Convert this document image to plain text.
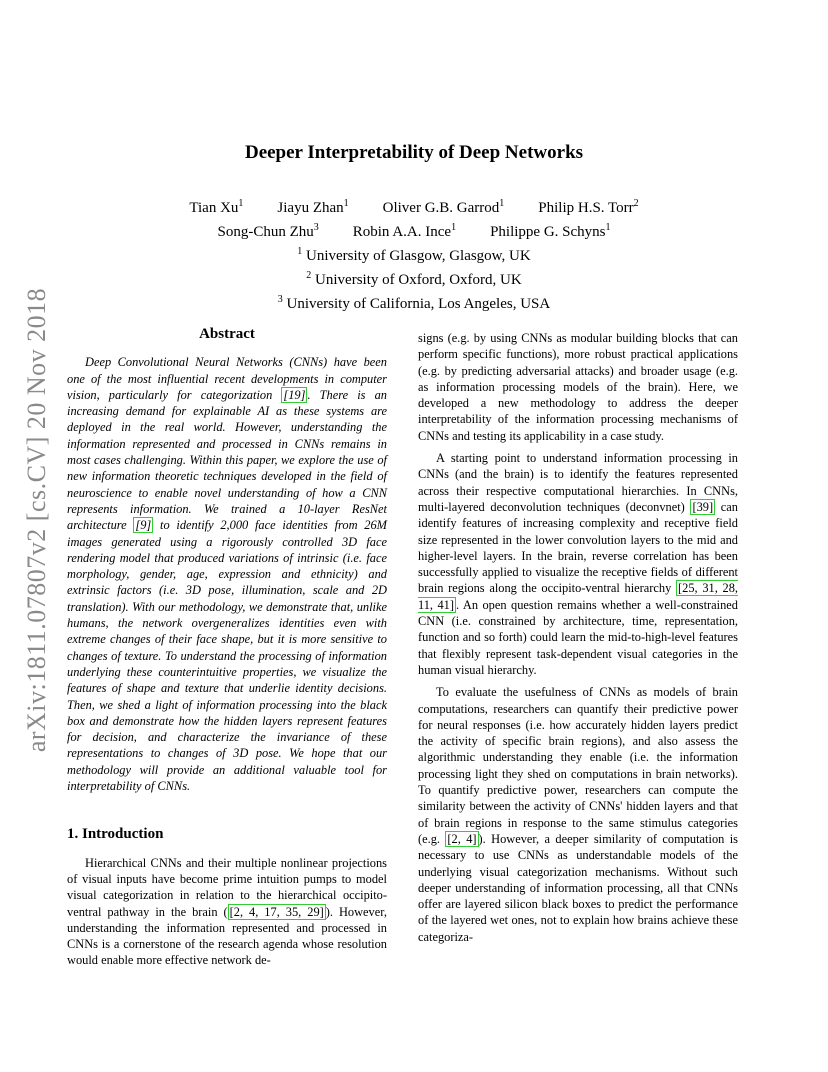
arXiv:1811.07807v2 [cs.CV] 20 Nov 2018
Deeper Interpretability of Deep Networks
Tian Xu$^1$ Jiayu Zhan$^1$ Oliver G.B. Garrod$^1$ Philip H.S. Torr$^2$
Song-Chun Zhu$^3$ Robin A.A. Ince$^1$ Philippe G. Schyns$^1$
$^1$ University of Glasgow, Glasgow, UK
$^2$ University of Oxford, Oxford, UK
$^3$ University of California, Los Angeles, USA
Abstract

Deep Convolutional Neural Networks (CNNs) have been one of the most influential recent developments in computer vision, particularly for categorization [19] . There is an increasing demand for explainable AI as these systems are deployed in the real world. However, understanding the information represented and processed in CNNs remains in most cases challenging. Within this paper, we explore the use of new information theoretic techniques developed in the field of neuroscience to enable novel understanding of how a CNN represents information. We trained a 10-layer ResNet architecture [9] to identify 2,000 face identities from 26M images generated using a rigorously controlled 3D face rendering model that produced variations of intrinsic (i.e. face morphology, gender, age, expression and ethnicity) and extrinsic factors (i.e. 3D pose, illumination, scale and 2D translation). With our methodology, we demonstrate that, unlike humans, the network overgeneralizes identities even with extreme changes of their face shape, but it is more sensitive to changes of texture. To understand the processing of information underlying these counterintuitive properties, we visualize the features of shape and texture that underlie identity decisions. Then, we shed a light of information processing into the black box and demonstrate how the hidden layers represent features for decision, and characterize the invariance of these representations to changes of 3D pose. We hope that our methodology will provide an additional valuable tool for interpretability of CNNs.

1. Introduction

Hierarchical CNNs and their multiple nonlinear projections of visual inputs have become prime intuition pumps to model visual categorization in relation to the hierarchical occipito-ventral pathway in the brain ( [2, 4, 17, 35, 29] ). However, understanding the information represented and processed in CNNs is a cornerstone of the research agenda whose resolution would enable more effective network de-

signs (e.g. by using CNNs as modular building blocks that can perform specific functions), more robust practical applications (e.g. by predicting adversarial attacks) and broader usage (e.g. as information processing models of the brain). Here, we developed a new methodology to address the deeper interpretability of the information processing mechanisms of CNNs and testing its applicability in a case study.

A starting point to understand information processing in CNNs (and the brain) is to identify the features represented across their respective computational hierarchies. In CNNs, multi-layered deconvolution techniques (deconvnet) [39] can identify features of increasing complexity and receptive field size represented in the lower convolution layers to the mid and higher-level layers. In the brain, reverse correlation has been successfully applied to visualize the receptive fields of different brain regions along the occipito-ventral hierarchy [25, 31, 28, 11, 41] . An open question remains whether a well-constrained CNN (i.e. constrained by architecture, time, representation, function and so forth) could learn the mid-to-high-level features that flexibly represent task-dependent visual categories in the human visual hierarchy.

To evaluate the usefulness of CNNs as models of brain computations, researchers can quantify their predictive power for neural responses (i.e. how accurately hidden layers predict the activity of specific brain regions), and also assess the algorithmic understanding they enable (i.e. the information processing light they shed on computations in brain networks). To quantify predictive power, researchers can compute the similarity between the activity of CNNs' hidden layers and that of brain regions in response to the same stimulus categories (e.g. [2, 4] ). However, a deeper similarity of computation is necessary to use CNNs as understandable models of the underlying visual categorization mechanisms. Without such deeper understanding of information processing, all that CNNs offer are layered silicon black boxes to predict the performance of the layered wet ones, not to explain how brains achieve these categoriza-
